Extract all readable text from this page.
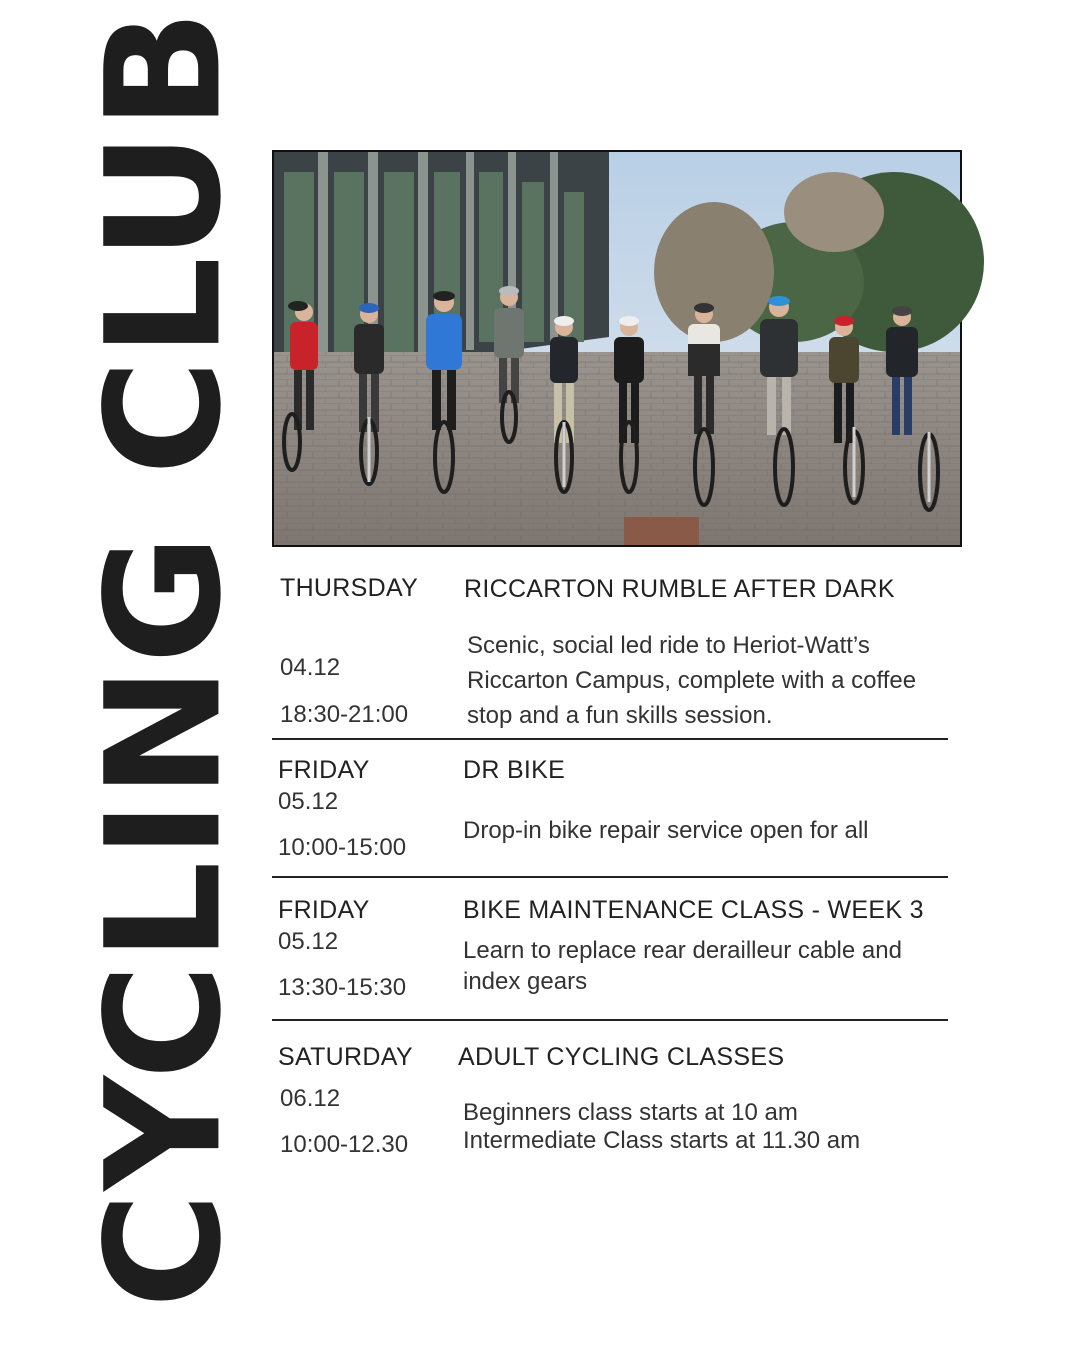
CYCLING CLUB THURSDAY RICCARTON RUMBLE AFTER DARK
04.12
18:30-21:00
Scenic, social led ride to Heriot-Watt’s Riccarton Campus, complete with a coffee stop and a fun skills session.
FRIDAY	DR BIKE
05.12
10:00-15:00
Drop-in bike repair service open for all
FRIDAY	BIKE MAINTENANCE CLASS - WEEK 3
05.12
13:30-15:30
Learn to replace rear derailleur cable and index gears
SATURDAY ADULT CYCLING CLASSES
06.12
10:00-12.30
Beginners class starts at 10 am Intermediate Class starts at 11.30 am
